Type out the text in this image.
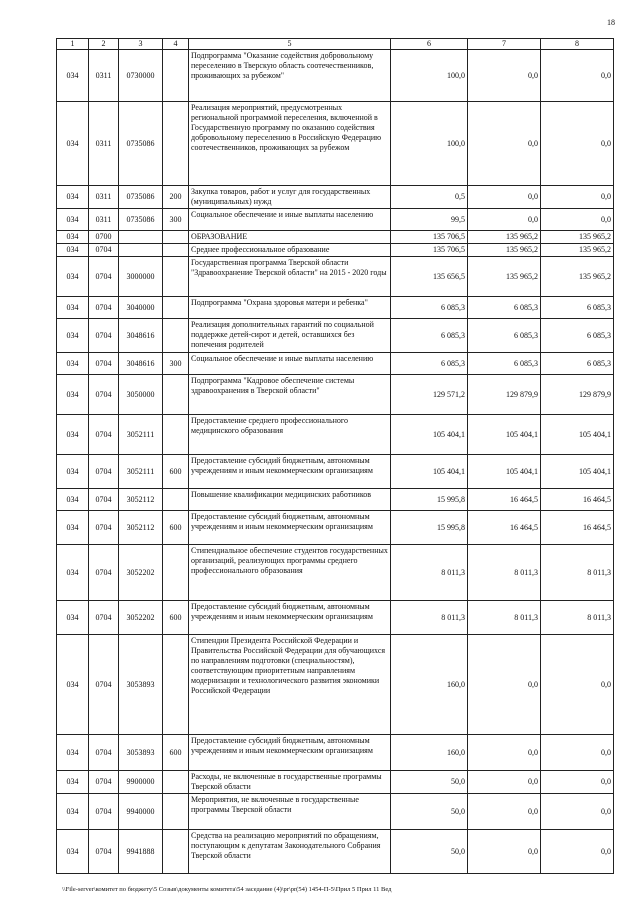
18
1	2	3	4	5	6	7	8
034	0311	0730000		Подпрограмма "Оказание содействия добровольному переселению в Тверскую область соотечественников, проживающих за рубежом"	100,0	0,0	0,0
034	0311	0735086		Реализация мероприятий, предусмотренных региональной программой переселения, включенной в Государственную программу по оказанию содействия добровольному переселению в Российскую Федерацию соотечественников, проживающих за рубежом	100,0	0,0	0,0
034	0311	0735086	200	Закупка товаров, работ и услуг для государственных (муниципальных) нужд	0,5	0,0	0,0
034	0311	0735086	300	Социальное обеспечение и иные выплаты населению	99,5	0,0	0,0
034	0700			ОБРАЗОВАНИЕ	135 706,5	135 965,2	135 965,2
034	0704			Среднее профессиональное образование	135 706,5	135 965,2	135 965,2
034	0704	3000000		Государственная программа Тверской области "Здравоохранение Тверской области" на 2015 - 2020 годы	135 656,5	135 965,2	135 965,2
034	0704	3040000		Подпрограмма "Охрана здоровья матери и ребенка"	6 085,3	6 085,3	6 085,3
034	0704	3048616		Реализация дополнительных гарантий по социальной поддержке детей-сирот и детей, оставшихся без попечения родителей	6 085,3	6 085,3	6 085,3
034	0704	3048616	300	Социальное обеспечение и иные выплаты населению	6 085,3	6 085,3	6 085,3
034	0704	3050000		Подпрограмма "Кадровое обеспечение системы здравоохранения в Тверской области"	129 571,2	129 879,9	129 879,9
034	0704	3052111		Предоставление среднего профессионального медицинского образования	105 404,1	105 404,1	105 404,1
034	0704	3052111	600	Предоставление субсидий бюджетным, автономным учреждениям и иным некоммерческим организациям	105 404,1	105 404,1	105 404,1
034	0704	3052112		Повышение квалификации медицинских работников	15 995,8	16 464,5	16 464,5
034	0704	3052112	600	Предоставление субсидий бюджетным, автономным учреждениям и иным некоммерческим организациям	15 995,8	16 464,5	16 464,5
034	0704	3052202		Стипендиальное обеспечение студентов государственных организаций, реализующих программы среднего профессионального образования	8 011,3	8 011,3	8 011,3
034	0704	3052202	600	Предоставление субсидий бюджетным, автономным учреждениям и иным некоммерческим организациям	8 011,3	8 011,3	8 011,3
034	0704	3053893		Стипендии Президента Российской Федерации и Правительства Российской Федерации для обучающихся по направлениям подготовки (специальностям), соответствующим приоритетным направлениям модернизации и технологического развития экономики Российской Федерации	160,0	0,0	0,0
034	0704	3053893	600	Предоставление субсидий бюджетным, автономным учреждениям и иным некоммерческим организациям	160,0	0,0	0,0
034	0704	9900000		Расходы, не включенные в государственные программы Тверской области	50,0	0,0	0,0
034	0704	9940000		Мероприятия, не включенные в государственные программы Тверской области	50,0	0,0	0,0
034	0704	9941888		Средства на реализацию мероприятий по обращениям, поступающим к депутатам Законодательного Собрания Тверской области	50,0	0,0	0,0
\\File-server\комитет по бюджету\5 Созыв\документы комитета\54 заседание (4)\pr\pr(54) 1454-П-5\Прил 5 Прил 11 Вед
